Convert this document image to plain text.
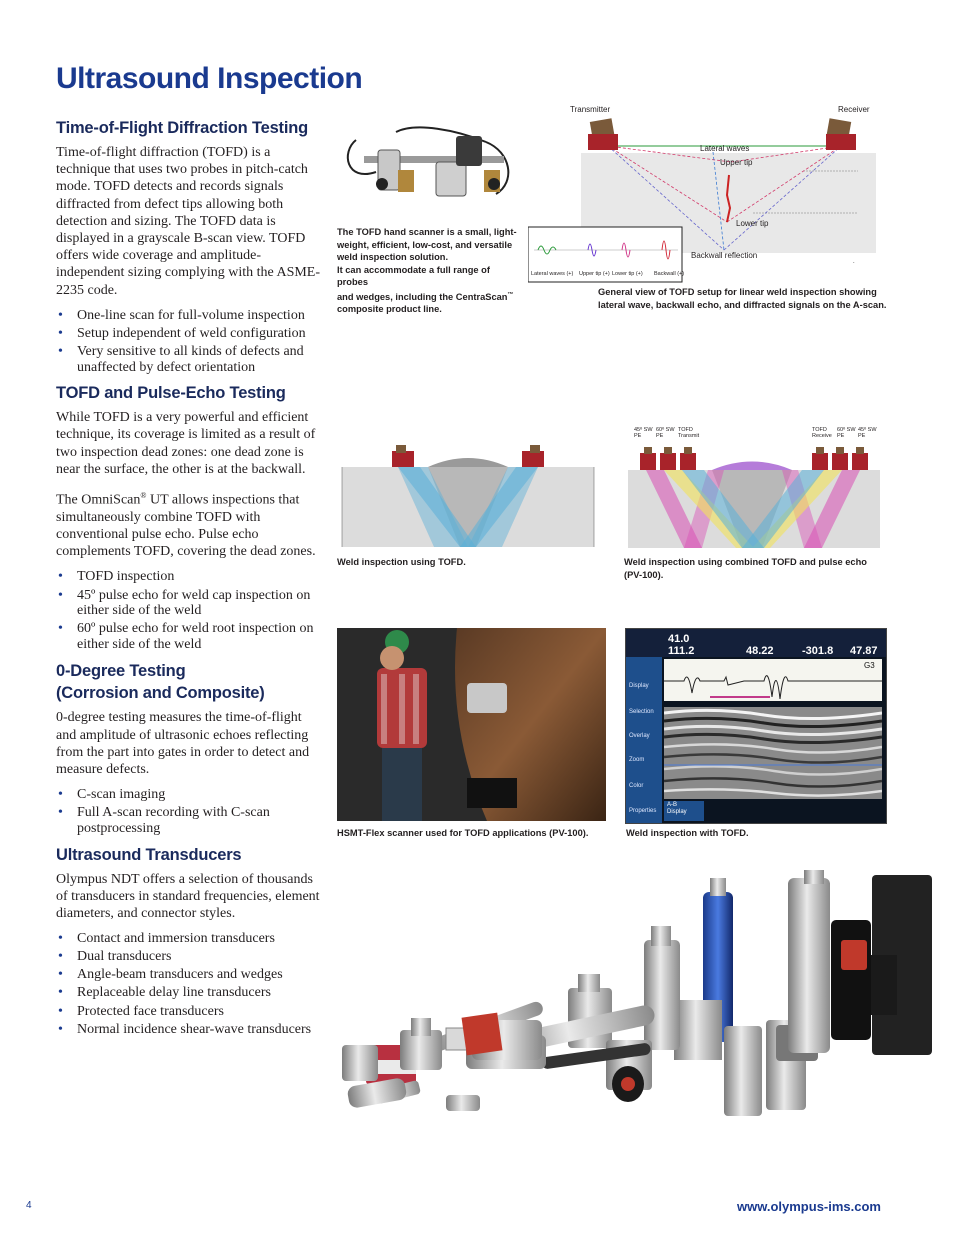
Ultrasound Inspection
Time-of-Flight Diffraction Testing

Time-of-flight diffraction (TOFD) is a technique that uses two probes in pitch-catch mode. TOFD detects and records signals diffracted from defect tips allowing both detection and sizing. The TOFD data is displayed in a grayscale B-scan view. TOFD offers wide coverage and amplitude-independent sizing complying with the ASME-2235 code.

• One-line scan for full-volume inspection
• Setup independent of weld configuration
• Very sensitive to all kinds of defects and unaffected by defect orientation
TOFD and Pulse-Echo Testing

While TOFD is a very powerful and efficient technique, its coverage is limited as a result of two inspection dead zones: one dead zone is near the surface, the other is at the backwall.

The OmniScan® UT allows inspections that simultaneously combine TOFD with conventional pulse echo. Pulse echo complements TOFD, covering the dead zones.

• TOFD inspection
• 45º pulse echo for weld cap inspection on either side of the weld
• 60º pulse echo for weld root inspection on either side of the weld
0-Degree Testing
(Corrosion and Composite)

0-degree testing measures the time-of-flight and amplitude of ultrasonic echoes reflecting from the part into gates in order to detect and measure defects.

• C-scan imaging
• Full A-scan recording with C-scan postprocessing
Ultrasound Transducers

Olympus NDT offers a selection of thousands of transducers in standard frequencies, element diameters, and connector styles.

• Contact and immersion transducers
• Dual transducers
• Angle-beam transducers and wedges
• Replaceable delay line transducers
• Protected face transducers
• Normal incidence shear-wave transducers
.
Transmitter	Receiver
Lateral waves
Upper tip
Lower tip
Backwall reflection
Lateral waves (+) Upper tip (+) Lower tip (+) Backwall (+)
The TOFD hand scanner is a small, light-
weight, efficient, low-cost, and versatile
weld inspection solution.
It can accommodate a full range of probes
and wedges, including the CentraScan™
composite product line.
General view of TOFD setup for linear weld inspection showing
lateral wave, backwall echo, and diffracted signals on the A-scan.
Weld inspection using TOFD.
45º SW
PE
60º SW
PE
TOFD
Transmit
TOFD
Receive
60º SW
PE
45º SW
PE
Weld inspection using combined TOFD and pulse echo
(PV-100).
HSMT-Flex scanner used for TOFD applications (PV-100).
41.0
111.2	48.22	-301.8 47.87
Display
Selection
Overlay
Zoom
Color
Properties
G3
A-B
Display
Weld inspection with TOFD.
4	www.olympus-ims.com
